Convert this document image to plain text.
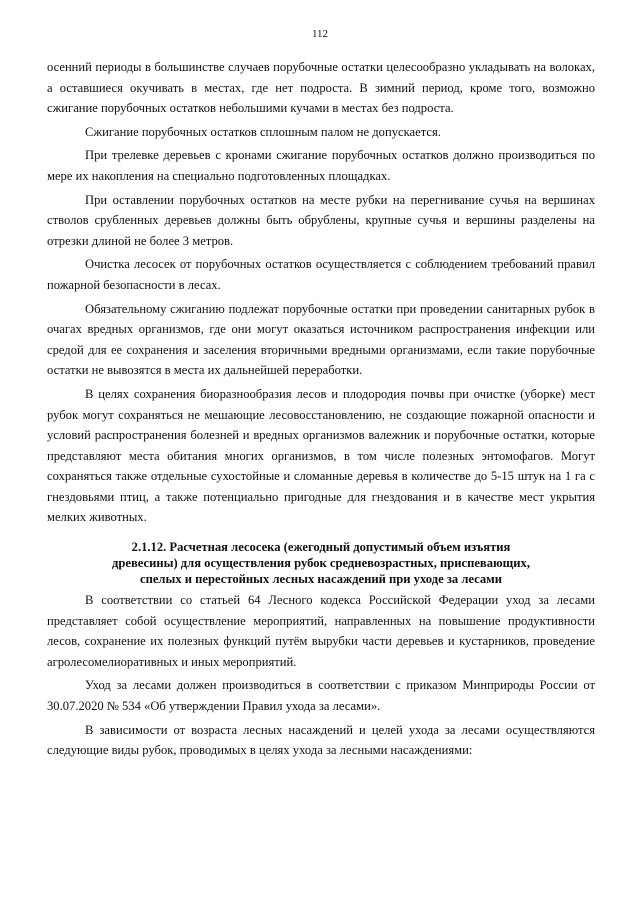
112

осенний периоды в большинстве случаев порубочные остатки целесообразно укладывать на волоках, а оставшиеся окучивать в местах, где нет подроста. В зимний период, кроме того, возможно сжигание порубочных остатков небольшими кучами в местах без подроста.

Сжигание порубочных остатков сплошным палом не допускается.

При трелевке деревьев с кронами сжигание порубочных остатков должно производиться по мере их накопления на специально подготовленных площадках.

При оставлении порубочных остатков на месте рубки на перегнивание сучья на вершинах стволов срубленных деревьев должны быть обрублены, крупные сучья и вершины разделены на отрезки длиной не более 3 метров.

Очистка лесосек от порубочных остатков осуществляется с соблюдением требований правил пожарной безопасности в лесах.

Обязательному сжиганию подлежат порубочные остатки при проведении санитарных рубок в очагах вредных организмов, где они могут оказаться источником распространения инфекции или средой для ее сохранения и заселения вторичными вредными организмами, если такие порубочные остатки не вывозятся в места их дальнейшей переработки.

В целях сохранения биоразнообразия лесов и плодородия почвы при очистке (уборке) мест рубок могут сохраняться не мешающие лесовосстановлению, не создающие пожарной опасности и условий распространения болезней и вредных организмов валежник и порубочные остатки, которые представляют места обитания многих организмов, в том числе полезных энтомофагов. Могут сохраняться также отдельные сухостойные и сломанные деревья в количестве до 5-15 штук на 1 га с гнездовьями птиц, а также потенциально пригодные для гнездования и в качестве мест укрытия мелких животных.

2.1.12. Расчетная лесосека (ежегодный допустимый объем изъятия
древесины) для осуществления рубок средневозрастных, приспевающих,
спелых и перестойных лесных насаждений при уходе за лесами

В соответствии со статьей 64 Лесного кодекса Российской Федерации уход за лесами представляет собой осуществление мероприятий, направленных на повышение продуктивности лесов, сохранение их полезных функций путём вырубки части деревьев и кустарников, проведение агролесомелиоративных и иных мероприятий.

Уход за лесами должен производиться в соответствии с приказом Минприроды России от 30.07.2020 № 534 «Об утверждении Правил ухода за лесами».

В зависимости от возраста лесных насаждений и целей ухода за лесами осуществляются следующие виды рубок, проводимых в целях ухода за лесными насаждениями:
